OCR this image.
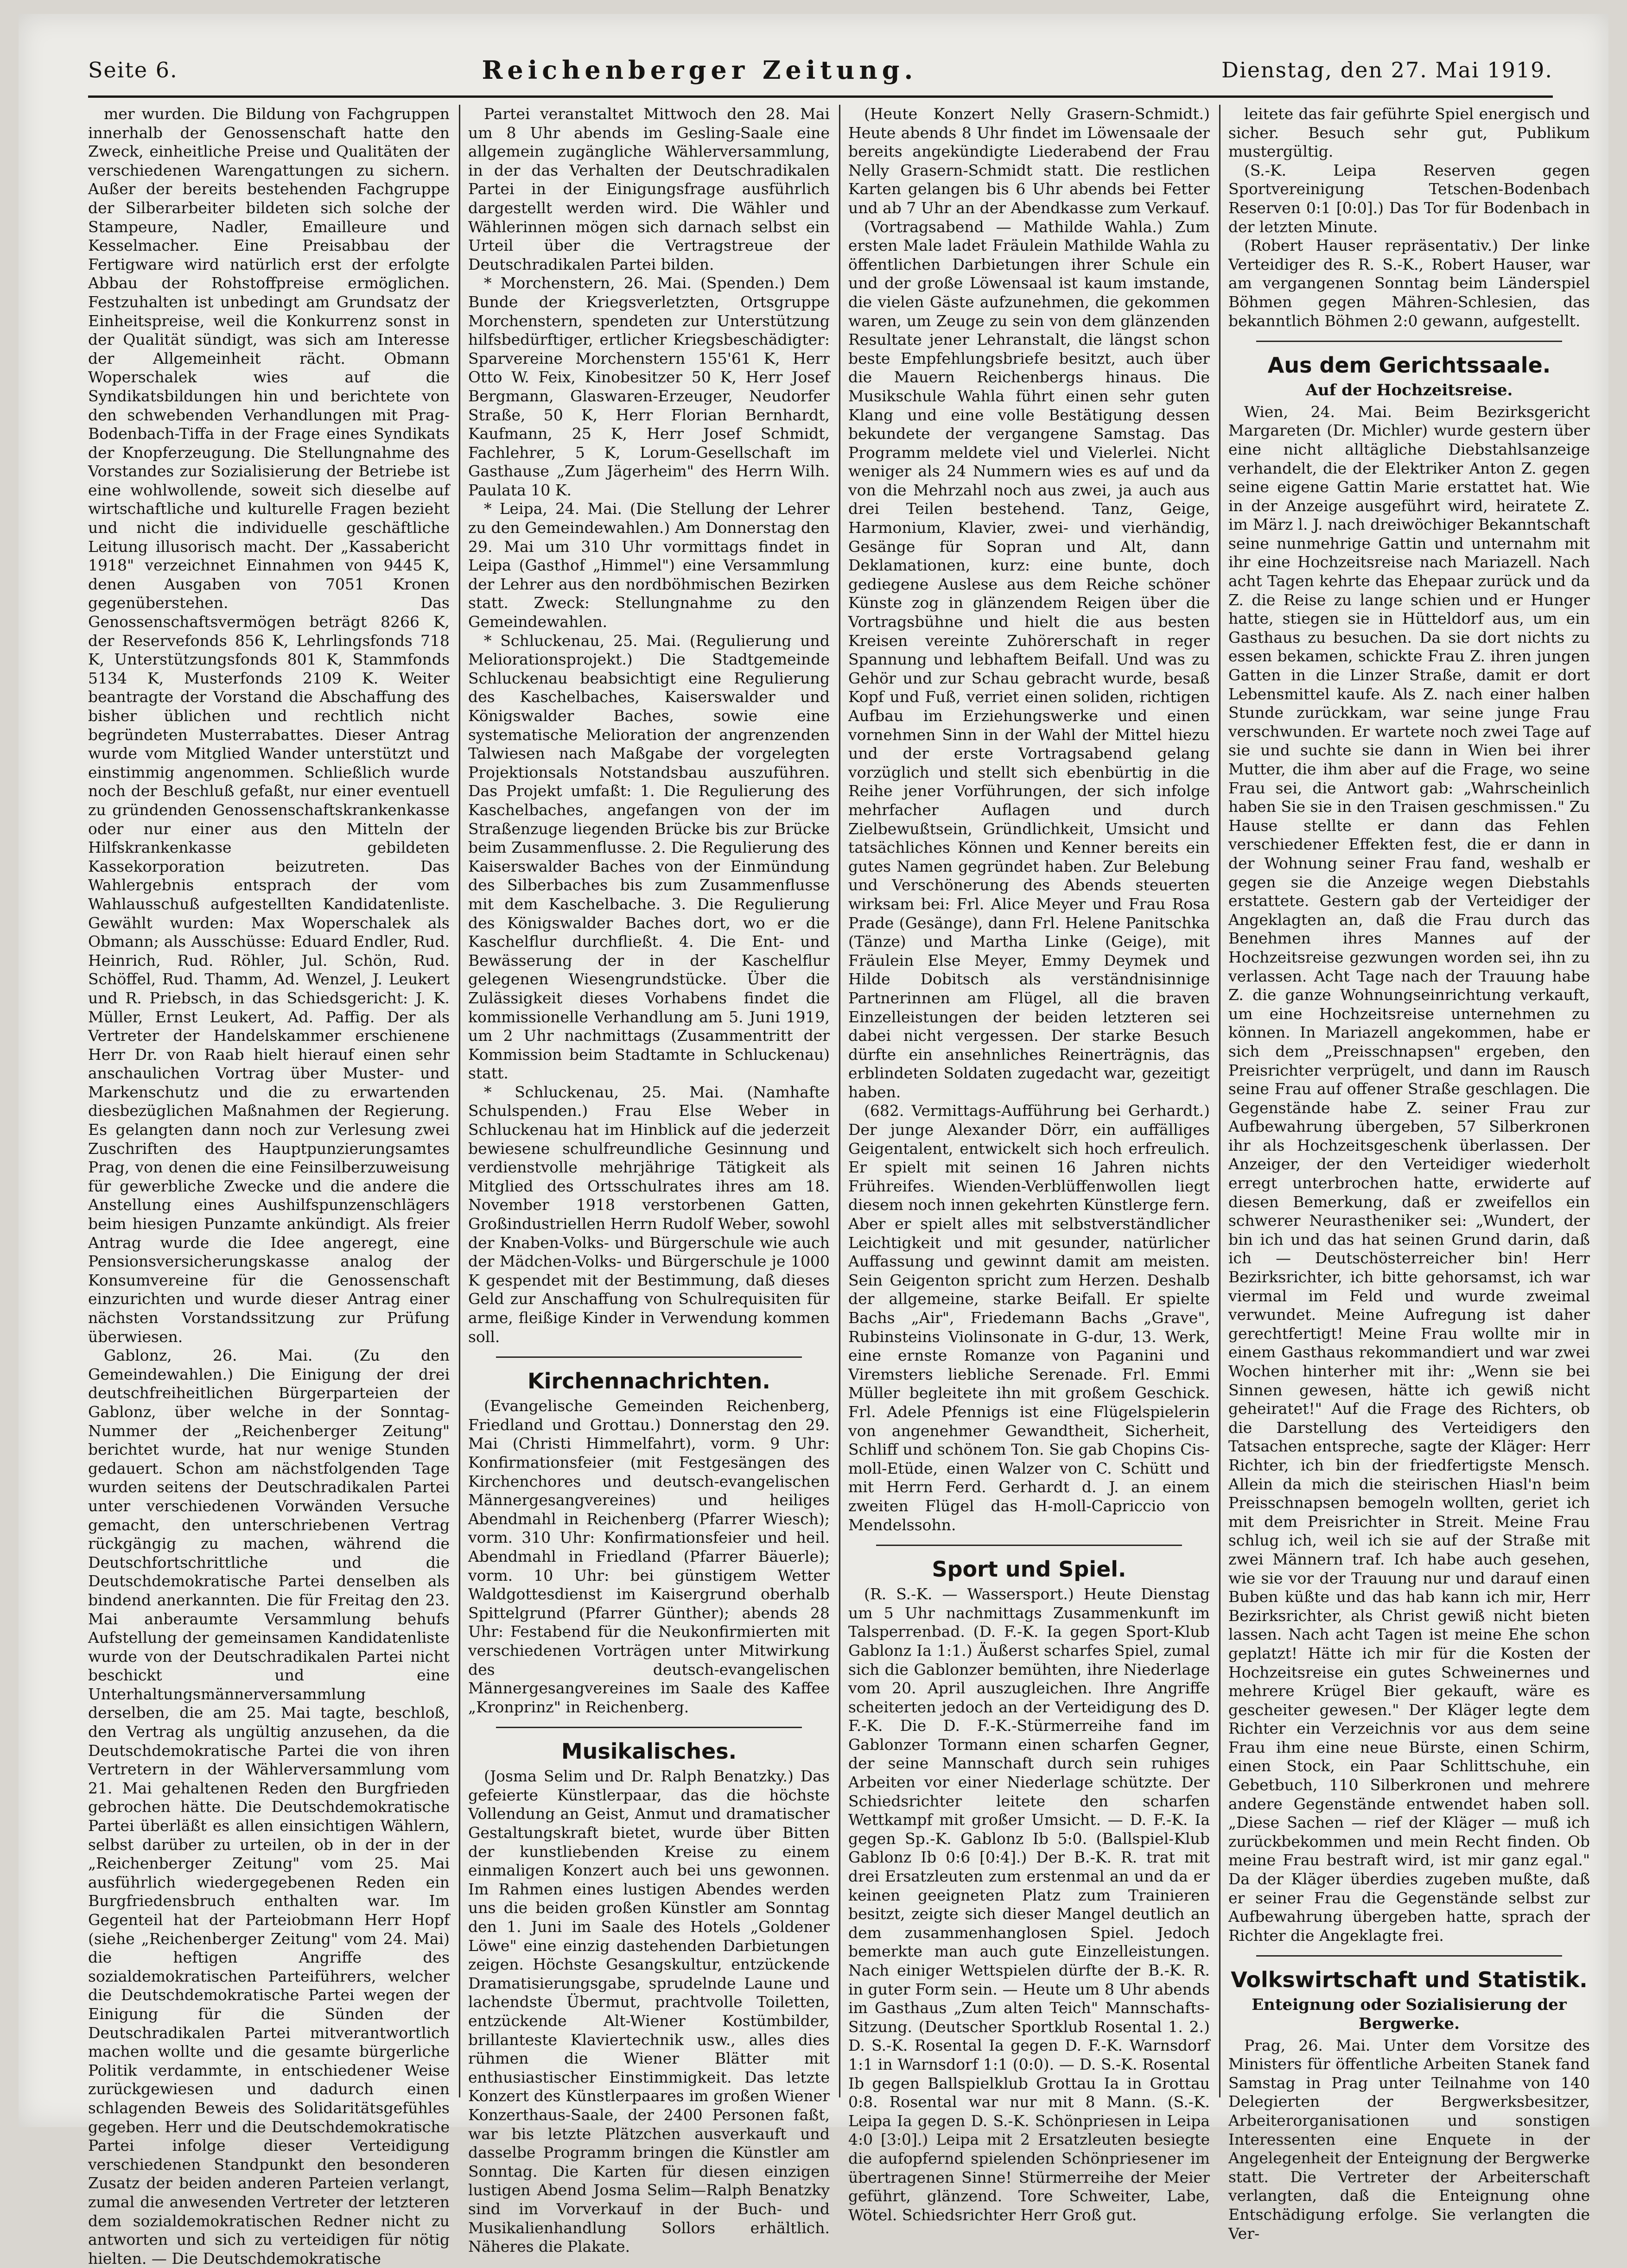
Seite 6.	Reichenberger Zeitung.	Dienstag, den 27. Mai 1919.

mer wurden. Die Bildung von Fachgruppen innerhalb der Genossenschaft hatte den Zweck, einheitliche Preise und Qualitäten der verschiedenen Warengattungen zu sichern. Außer der bereits bestehenden Fachgruppe der Silberarbeiter bildeten sich solche der Stampeure, Nadler, Emailleure und Kesselmacher. Eine Preisabbau der Fertigware wird natürlich erst der erfolgte Abbau der Rohstoffpreise ermöglichen. Festzuhalten ist unbedingt am Grundsatz der Einheitspreise, weil die Konkurrenz sonst in der Qualität sündigt, was sich am Interesse der Allgemeinheit rächt. Obmann Woperschalek wies auf die Syndikatsbildungen hin und berichtete von den schwebenden Verhandlungen mit Prag-Bodenbach-Tiffa in der Frage eines Syndikats der Knopferzeugung. Die Stellungnahme des Vorstandes zur Sozialisierung der Betriebe ist eine wohlwollende, soweit sich dieselbe auf wirtschaftliche und kulturelle Fragen bezieht und nicht die individuelle geschäftliche Leitung illusorisch macht. Der „Kassabericht 1918" verzeichnet Einnahmen von 9445 K, denen Ausgaben von 7051 Kronen gegenüberstehen. Das Genossenschaftsvermögen beträgt 8266 K, der Reservefonds 856 K, Lehrlingsfonds 718 K, Unterstützungsfonds 801 K, Stammfonds 5134 K, Musterfonds 2109 K. Weiter beantragte der Vorstand die Abschaffung des bisher üblichen und rechtlich nicht begründeten Musterrabattes. Dieser Antrag wurde vom Mitglied Wander unterstützt und einstimmig angenommen. Schließlich wurde noch der Beschluß gefaßt, nur einer eventuell zu gründenden Genossenschaftskrankenkasse oder nur einer aus den Mitteln der Hilfskrankenkasse gebildeten Kassekorporation beizutreten. Das Wahlergebnis entsprach der vom Wahlausschuß aufgestellten Kandidatenliste. Gewählt wurden: Max Woperschalek als Obmann; als Ausschüsse: Eduard Endler, Rud. Heinrich, Rud. Röhler, Jul. Schön, Rud. Schöffel, Rud. Thamm, Ad. Wenzel, J. Leukert und R. Priebsch, in das Schiedsgericht: J. K. Müller, Ernst Leukert, Ad. Paffig. Der als Vertreter der Handelskammer erschienene Herr Dr. von Raab hielt hierauf einen sehr anschaulichen Vortrag über Muster- und Markenschutz und die zu erwartenden diesbezüglichen Maßnahmen der Regierung. Es gelangten dann noch zur Verlesung zwei Zuschriften des Hauptpunzierungsamtes Prag, von denen die eine Feinsilberzuweisung für gewerbliche Zwecke und die andere die Anstellung eines Aushilfspunzenschlägers beim hiesigen Punzamte ankündigt. Als freier Antrag wurde die Idee angeregt, eine Pensionsversicherungskasse analog der Konsumvereine für die Genossenschaft einzurichten und wurde dieser Antrag einer nächsten Vorstandssitzung zur Prüfung überwiesen.

Gablonz, 26. Mai. (Zu den Gemeindewahlen.) Die Einigung der drei deutschfreiheitlichen Bürgerparteien der Gablonz, über welche in der Sonntag-Nummer der „Reichenberger Zeitung" berichtet wurde, hat nur wenige Stunden gedauert. Schon am nächstfolgenden Tage wurden seitens der Deutschradikalen Partei unter verschiedenen Vorwänden Versuche gemacht, den unterschriebenen Vertrag rückgängig zu machen, während die Deutschfortschrittliche und die Deutschdemokratische Partei denselben als bindend anerkannten. Die für Freitag den 23. Mai anberaumte Versammlung behufs Aufstellung der gemeinsamen Kandidatenliste wurde von der Deutschradikalen Partei nicht beschickt und eine Unterhaltungsmännerversammlung derselben, die am 25. Mai tagte, beschloß, den Vertrag als ungültig anzusehen, da die Deutschdemokratische Partei die von ihren Vertretern in der Wählerversammlung vom 21. Mai gehaltenen Reden den Burgfrieden gebrochen hätte. Die Deutschdemokratische Partei überläßt es allen einsichtigen Wählern, selbst darüber zu urteilen, ob in der in der „Reichenberger Zeitung" vom 25. Mai ausführlich wiedergegebenen Reden ein Burgfriedensbruch enthalten war. Im Gegenteil hat der Parteiobmann Herr Hopf (siehe „Reichenberger Zeitung" vom 24. Mai) die heftigen Angriffe des sozialdemokratischen Parteiführers, welcher die Deutschdemokratische Partei wegen der Einigung für die Sünden der Deutschradikalen Partei mitverantwortlich machen wollte und die gesamte bürgerliche Politik verdammte, in entschiedener Weise zurückgewiesen und dadurch einen schlagenden Beweis des Solidaritätsgefühles gegeben. Herr und die Deutschdemokratische Partei infolge dieser Verteidigung verschiedenen Standpunkt den besonderen Zusatz der beiden anderen Parteien verlangt, zumal die anwesenden Vertreter der letzteren dem sozialdemokratischen Redner nicht zu antworten und sich zu verteidigen für nötig hielten. — Die Deutschdemokratische

Partei veranstaltet Mittwoch den 28. Mai um 8 Uhr abends im Gesling-Saale eine allgemein zugängliche Wählerversammlung, in der das Verhalten der Deutschradikalen Partei in der Einigungsfrage ausführlich dargestellt werden wird. Die Wähler und Wählerinnen mögen sich darnach selbst ein Urteil über die Vertragstreue der Deutschradikalen Partei bilden.

* Morchenstern, 26. Mai. (Spenden.) Dem Bunde der Kriegsverletzten, Ortsgruppe Morchenstern, spendeten zur Unterstützung hilfsbedürftiger, ertlicher Kriegsbeschädigter: Sparvereine Morchenstern 155'61 K, Herr Otto W. Feix, Kinobesitzer 50 K, Herr Josef Bergmann, Glaswaren-Erzeuger, Neudorfer Straße, 50 K, Herr Florian Bernhardt, Kaufmann, 25 K, Herr Josef Schmidt, Fachlehrer, 5 K, Lorum-Gesellschaft im Gasthause „Zum Jägerheim" des Herrn Wilh. Paulata 10 K.

* Leipa, 24. Mai. (Die Stellung der Lehrer zu den Gemeindewahlen.) Am Donnerstag den 29. Mai um 310 Uhr vormittags findet in Leipa (Gasthof „Himmel") eine Versammlung der Lehrer aus den nordböhmischen Bezirken statt. Zweck: Stellungnahme zu den Gemeindewahlen.

* Schluckenau, 25. Mai. (Regulierung und Meliorationsprojekt.) Die Stadtgemeinde Schluckenau beabsichtigt eine Regulierung des Kaschelbaches, Kaiserswalder und Königswalder Baches, sowie eine systematische Melioration der angrenzenden Talwiesen nach Maßgabe der vorgelegten Projektionsals Notstandsbau auszuführen. Das Projekt umfaßt: 1. Die Regulierung des Kaschelbaches, angefangen von der im Straßenzuge liegenden Brücke bis zur Brücke beim Zusammenflusse. 2. Die Regulierung des Kaiserswalder Baches von der Einmündung des Silberbaches bis zum Zusammenflusse mit dem Kaschelbache. 3. Die Regulierung des Königswalder Baches dort, wo er die Kaschelflur durchfließt. 4. Die Ent- und Bewässerung der in der Kaschelflur gelegenen Wiesengrundstücke. Über die Zulässigkeit dieses Vorhabens findet die kommissionelle Verhandlung am 5. Juni 1919, um 2 Uhr nachmittags (Zusammentritt der Kommission beim Stadtamte in Schluckenau) statt.

* Schluckenau, 25. Mai. (Namhafte Schulspenden.) Frau Else Weber in Schluckenau hat im Hinblick auf die jederzeit bewiesene schulfreundliche Gesinnung und verdienstvolle mehrjährige Tätigkeit als Mitglied des Ortsschulrates ihres am 18. November 1918 verstorbenen Gatten, Großindustriellen Herrn Rudolf Weber, sowohl der Knaben-Volks- und Bürgerschule wie auch der Mädchen-Volks- und Bürgerschule je 1000 K gespendet mit der Bestimmung, daß dieses Geld zur Anschaffung von Schulrequisiten für arme, fleißige Kinder in Verwendung kommen soll.

Kirchennachrichten.

(Evangelische Gemeinden Reichenberg, Friedland und Grottau.) Donnerstag den 29. Mai (Christi Himmelfahrt), vorm. 9 Uhr: Konfirmationsfeier (mit Festgesängen des Kirchenchores und deutsch-evangelischen Männergesangvereines) und heiliges Abendmahl in Reichenberg (Pfarrer Wiesch); vorm. 310 Uhr: Konfirmationsfeier und heil. Abendmahl in Friedland (Pfarrer Bäuerle); vorm. 10 Uhr: bei günstigem Wetter Waldgottesdienst im Kaisergrund oberhalb Spittelgrund (Pfarrer Günther); abends 28 Uhr: Festabend für die Neukonfirmierten mit verschiedenen Vorträgen unter Mitwirkung des deutsch-evangelischen Männergesangvereines im Saale des Kaffee „Kronprinz" in Reichenberg.

Musikalisches.

(Josma Selim und Dr. Ralph Benatzky.) Das gefeierte Künstlerpaar, das die höchste Vollendung an Geist, Anmut und dramatischer Gestaltungskraft bietet, wurde über Bitten der kunstliebenden Kreise zu einem einmaligen Konzert auch bei uns gewonnen. Im Rahmen eines lustigen Abendes werden uns die beiden großen Künstler am Sonntag den 1. Juni im Saale des Hotels „Goldener Löwe" eine einzig dastehenden Darbietungen zeigen. Höchste Gesangskultur, entzückende Dramatisierungsgabe, sprudelnde Laune und lachendste Übermut, prachtvolle Toiletten, entzückende Alt-Wiener Kostümbilder, brillanteste Klaviertechnik usw., alles dies rühmen die Wiener Blätter mit enthusiastischer Einstimmigkeit. Das letzte Konzert des Künstlerpaares im großen Wiener Konzerthaus-Saale, der 2400 Personen faßt, war bis letzte Plätzchen ausverkauft und dasselbe Programm bringen die Künstler am Sonntag. Die Karten für diesen einzigen lustigen Abend Josma Selim—Ralph Benatzky sind im Vorverkauf in der Buch- und Musikalienhandlung Sollors erhältlich. Näheres die Plakate.

(Heute Konzert Nelly Grasern-Schmidt.) Heute abends 8 Uhr findet im Löwensaale der bereits angekündigte Liederabend der Frau Nelly Grasern-Schmidt statt. Die restlichen Karten gelangen bis 6 Uhr abends bei Fetter und ab 7 Uhr an der Abendkasse zum Verkauf.

(Vortragsabend — Mathilde Wahla.) Zum ersten Male ladet Fräulein Mathilde Wahla zu öffentlichen Darbietungen ihrer Schule ein und der große Löwensaal ist kaum imstande, die vielen Gäste aufzunehmen, die gekommen waren, um Zeuge zu sein von dem glänzenden Resultate jener Lehranstalt, die längst schon beste Empfehlungsbriefe besitzt, auch über die Mauern Reichenbergs hinaus. Die Musikschule Wahla führt einen sehr guten Klang und eine volle Bestätigung dessen bekundete der vergangene Samstag. Das Programm meldete viel und Vielerlei. Nicht weniger als 24 Nummern wies es auf und da von die Mehrzahl noch aus zwei, ja auch aus drei Teilen bestehend. Tanz, Geige, Harmonium, Klavier, zwei- und vierhändig, Gesänge für Sopran und Alt, dann Deklamationen, kurz: eine bunte, doch gediegene Auslese aus dem Reiche schöner Künste zog in glänzendem Reigen über die Vortragsbühne und hielt die aus besten Kreisen vereinte Zuhörerschaft in reger Spannung und lebhaftem Beifall. Und was zu Gehör und zur Schau gebracht wurde, besaß Kopf und Fuß, verriet einen soliden, richtigen Aufbau im Erziehungswerke und einen vornehmen Sinn in der Wahl der Mittel hiezu und der erste Vortragsabend gelang vorzüglich und stellt sich ebenbürtig in die Reihe jener Vorführungen, der sich infolge mehrfacher Auflagen und durch Zielbewußtsein, Gründlichkeit, Umsicht und tatsächliches Können und Kenner bereits ein gutes Namen gegründet haben. Zur Belebung und Verschönerung des Abends steuerten wirksam bei: Frl. Alice Meyer und Frau Rosa Prade (Gesänge), dann Frl. Helene Panitschka (Tänze) und Martha Linke (Geige), mit Fräulein Else Meyer, Emmy Deymek und Hilde Dobitsch als verständnisinnige Partnerinnen am Flügel, all die braven Einzelleistungen der beiden letzteren sei dabei nicht vergessen. Der starke Besuch dürfte ein ansehnliches Reinerträgnis, das erblindeten Soldaten zugedacht war, gezeitigt haben.

(682. Vermittags-Aufführung bei Gerhardt.) Der junge Alexander Dörr, ein auffälliges Geigentalent, entwickelt sich hoch erfreulich. Er spielt mit seinen 16 Jahren nichts Frühreifes. Wienden-Verblüffenwollen liegt diesem noch innen gekehrten Künstlerge fern. Aber er spielt alles mit selbstverständlicher Leichtigkeit und mit gesunder, natürlicher Auffassung und gewinnt damit am meisten. Sein Geigenton spricht zum Herzen. Deshalb der allgemeine, starke Beifall. Er spielte Bachs „Air", Friedemann Bachs „Grave", Rubinsteins Violinsonate in G-dur, 13. Werk, eine ernste Romanze von Paganini und Viremsters liebliche Serenade. Frl. Emmi Müller begleitete ihn mit großem Geschick. Frl. Adele Pfennigs ist eine Flügelspielerin von angenehmer Gewandtheit, Sicherheit, Schliff und schönem Ton. Sie gab Chopins Cis-moll-Etüde, einen Walzer von C. Schütt und mit Herrn Ferd. Gerhardt d. J. an einem zweiten Flügel das H-moll-Capriccio von Mendelssohn.

Sport und Spiel.

(R. S.-K. — Wassersport.) Heute Dienstag um 5 Uhr nachmittags Zusammenkunft im Talsperrenbad. (D. F.-K. Ia gegen Sport-Klub Gablonz Ia 1:1.) Äußerst scharfes Spiel, zumal sich die Gablonzer bemühten, ihre Niederlage vom 20. April auszugleichen. Ihre Angriffe scheiterten jedoch an der Verteidigung des D. F.-K. Die D. F.-K.-Stürmerreihe fand im Gablonzer Tormann einen scharfen Gegner, der seine Mannschaft durch sein ruhiges Arbeiten vor einer Niederlage schützte. Der Schiedsrichter leitete den scharfen Wettkampf mit großer Umsicht. — D. F.-K. Ia gegen Sp.-K. Gablonz Ib 5:0. (Ballspiel-Klub Gablonz Ib 0:6 [0:4].) Der B.-K. R. trat mit drei Ersatzleuten zum erstenmal an und da er keinen geeigneten Platz zum Trainieren besitzt, zeigte sich dieser Mangel deutlich an dem zusammenhanglosen Spiel. Jedoch bemerkte man auch gute Einzelleistungen. Nach einiger Wettspielen dürfte der B.-K. R. in guter Form sein. — Heute um 8 Uhr abends im Gasthaus „Zum alten Teich" Mannschafts-Sitzung. (Deutscher Sportklub Rosental 1. 2.) D. S.-K. Rosental Ia gegen D. F.-K. Warnsdorf 1:1 in Warnsdorf 1:1 (0:0). — D. S.-K. Rosental Ib gegen Ballspielklub Grottau Ia in Grottau 0:8. Rosental war nur mit 8 Mann. (S.-K. Leipa Ia gegen D. S.-K. Schönpriesen in Leipa 4:0 [3:0].) Leipa mit 2 Ersatzleuten besiegte die aufopfernd spielenden Schönpriesener im übertragenen Sinne! Stürmerreihe der Meier geführt, glänzend. Tore Schweiter, Labe, Wötel. Schiedsrichter Herr Groß gut.

leitete das fair geführte Spiel energisch und sicher. Besuch sehr gut, Publikum mustergültig.

(S.-K. Leipa Reserven gegen Sportvereinigung Tetschen-Bodenbach Reserven 0:1 [0:0].) Das Tor für Bodenbach in der letzten Minute.

(Robert Hauser repräsentativ.) Der linke Verteidiger des R. S.-K., Robert Hauser, war am vergangenen Sonntag beim Länderspiel Böhmen gegen Mähren-Schlesien, das bekanntlich Böhmen 2:0 gewann, aufgestellt.

Aus dem Gerichtssaale.
Auf der Hochzeitsreise.

Wien, 24. Mai. Beim Bezirksgericht Margareten (Dr. Michler) wurde gestern über eine nicht alltägliche Diebstahlsanzeige verhandelt, die der Elektriker Anton Z. gegen seine eigene Gattin Marie erstattet hat. Wie in der Anzeige ausgeführt wird, heiratete Z. im März l. J. nach dreiwöchiger Bekanntschaft seine nunmehrige Gattin und unternahm mit ihr eine Hochzeitsreise nach Mariazell. Nach acht Tagen kehrte das Ehepaar zurück und da Z. die Reise zu lange schien und er Hunger hatte, stiegen sie in Hütteldorf aus, um ein Gasthaus zu besuchen. Da sie dort nichts zu essen bekamen, schickte Frau Z. ihren jungen Gatten in die Linzer Straße, damit er dort Lebensmittel kaufe. Als Z. nach einer halben Stunde zurückkam, war seine junge Frau verschwunden. Er wartete noch zwei Tage auf sie und suchte sie dann in Wien bei ihrer Mutter, die ihm aber auf die Frage, wo seine Frau sei, die Antwort gab: „Wahrscheinlich haben Sie sie in den Traisen geschmissen." Zu Hause stellte er dann das Fehlen verschiedener Effekten fest, die er dann in der Wohnung seiner Frau fand, weshalb er gegen sie die Anzeige wegen Diebstahls erstattete. Gestern gab der Verteidiger der Angeklagten an, daß die Frau durch das Benehmen ihres Mannes auf der Hochzeitsreise gezwungen worden sei, ihn zu verlassen. Acht Tage nach der Trauung habe Z. die ganze Wohnungseinrichtung verkauft, um eine Hochzeitsreise unternehmen zu können. In Mariazell angekommen, habe er sich dem „Preisschnapsen" ergeben, den Preisrichter verprügelt, und dann im Rausch seine Frau auf offener Straße geschlagen. Die Gegenstände habe Z. seiner Frau zur Aufbewahrung übergeben, 57 Silberkronen ihr als Hochzeitsgeschenk überlassen. Der Anzeiger, der den Verteidiger wiederholt erregt unterbrochen hatte, erwiderte auf diesen Bemerkung, daß er zweifellos ein schwerer Neurastheniker sei: „Wundert, der bin ich und das hat seinen Grund darin, daß ich — Deutschösterreicher bin! Herr Bezirksrichter, ich bitte gehorsamst, ich war viermal im Feld und wurde zweimal verwundet. Meine Aufregung ist daher gerechtfertigt! Meine Frau wollte mir in einem Gasthaus rekommandiert und war zwei Wochen hinterher mit ihr: „Wenn sie bei Sinnen gewesen, hätte ich gewiß nicht geheiratet!" Auf die Frage des Richters, ob die Darstellung des Verteidigers den Tatsachen entspreche, sagte der Kläger: Herr Richter, ich bin der friedfertigste Mensch. Allein da mich die steirischen Hiasl'n beim Preisschnapsen bemogeln wollten, geriet ich mit dem Preisrichter in Streit. Meine Frau schlug ich, weil ich sie auf der Straße mit zwei Männern traf. Ich habe auch gesehen, wie sie vor der Trauung nur und darauf einen Buben küßte und das hab kann ich mir, Herr Bezirksrichter, als Christ gewiß nicht bieten lassen. Nach acht Tagen ist meine Ehe schon geplatzt! Hätte ich mir für die Kosten der Hochzeitsreise ein gutes Schweinernes und mehrere Krügel Bier gekauft, wäre es gescheiter gewesen." Der Kläger legte dem Richter ein Verzeichnis vor aus dem seine Frau ihm eine neue Bürste, einen Schirm, einen Stock, ein Paar Schlittschuhe, ein Gebetbuch, 110 Silberkronen und mehrere andere Gegenstände entwendet haben soll. „Diese Sachen — rief der Kläger — muß ich zurückbekommen und mein Recht finden. Ob meine Frau bestraft wird, ist mir ganz egal." Da der Kläger überdies zugeben mußte, daß er seiner Frau die Gegenstände selbst zur Aufbewahrung übergeben hatte, sprach der Richter die Angeklagte frei.

Volkswirtschaft und Statistik.
Enteignung oder Sozialisierung der Bergwerke.

Prag, 26. Mai. Unter dem Vorsitze des Ministers für öffentliche Arbeiten Stanek fand Samstag in Prag unter Teilnahme von 140 Delegierten der Bergwerksbesitzer, Arbeiterorganisationen und sonstigen Interessenten eine Enquete in der Angelegenheit der Enteignung der Bergwerke statt. Die Vertreter der Arbeiterschaft verlangten, daß die Enteignung ohne Entschädigung erfolge. Sie verlangten die Ver-
